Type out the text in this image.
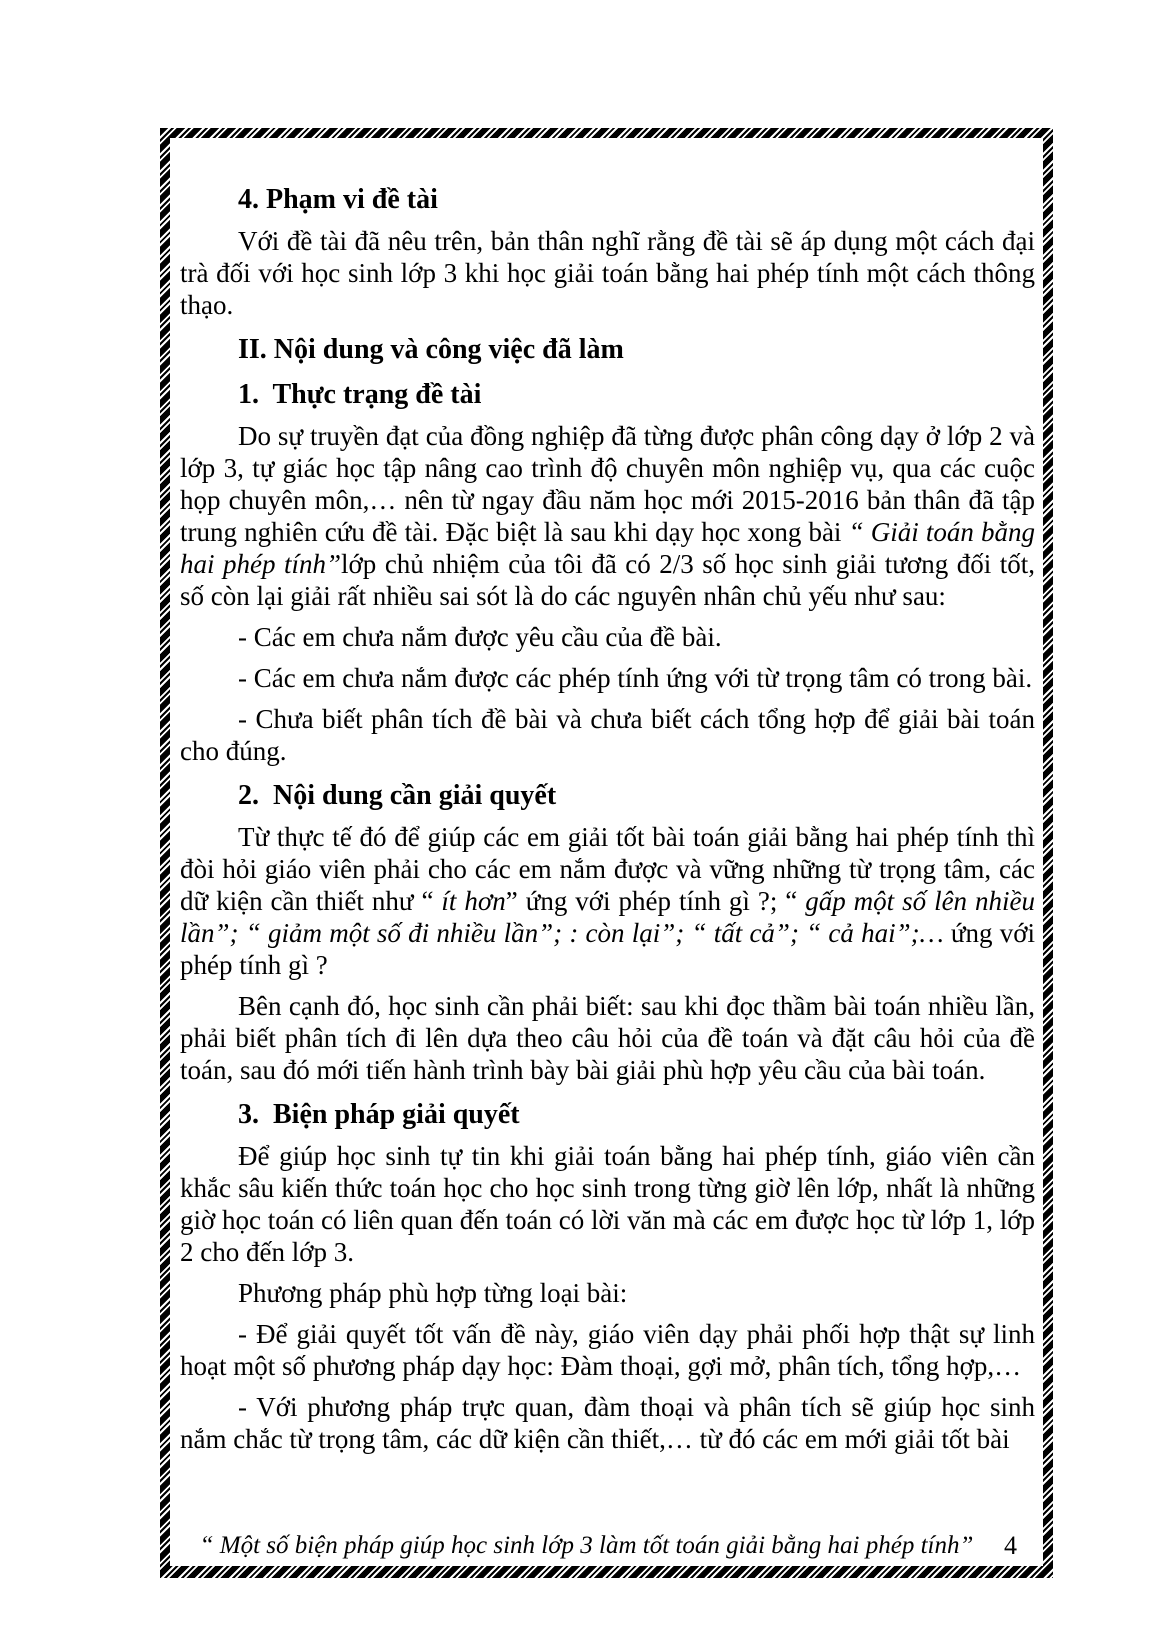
4. Phạm vi đề tài

Với đề tài đã nêu trên, bản thân nghĩ rằng đề tài sẽ áp dụng một cách đại trà đối với học sinh lớp 3 khi học giải toán bằng hai phép tính một cách thông thạo.

II. Nội dung và công việc đã làm

1.  Thực trạng đề tài

Do sự truyền đạt của đồng nghiệp đã từng được phân công dạy ở lớp 2 và lớp 3, tự giác học tập nâng cao trình độ chuyên môn nghiệp vụ, qua các cuộc họp chuyên môn,… nên từ ngay đầu năm học mới 2015-2016 bản thân đã tập trung nghiên cứu đề tài. Đặc biệt là sau khi dạy học xong bài “ Giải toán bằng hai phép tính”lớp chủ nhiệm của tôi đã có 2/3 số học sinh giải tương đối tốt, số còn lại giải rất nhiều sai sót là do các nguyên nhân chủ yếu như sau:

- Các em chưa nắm được yêu cầu của đề bài.

- Các em chưa nắm được các phép tính ứng với từ trọng tâm có trong bài.

- Chưa biết phân tích đề bài và chưa biết cách tổng hợp để giải bài toán cho đúng.

2.  Nội dung cần giải quyết

Từ thực tế đó để giúp các em giải tốt bài toán giải bằng hai phép tính thì đòi hỏi giáo viên phải cho các em nắm được và vững những từ trọng tâm, các dữ kiện cần thiết như “ ít hơn” ứng với phép tính gì ?; “ gấp một số lên nhiều lần”; “ giảm một số đi nhiều lần”; : còn lại”; “ tất cả”; “ cả hai”;… ứng với phép tính gì ?

Bên cạnh đó, học sinh cần phải biết: sau khi đọc thầm bài toán nhiều lần, phải biết phân tích đi lên dựa theo câu hỏi của đề toán và đặt câu hỏi của đề toán, sau đó mới tiến hành trình bày bài giải phù hợp yêu cầu của bài toán.

3.  Biện pháp giải quyết

Để giúp học sinh tự tin khi giải toán bằng hai phép tính, giáo viên cần khắc sâu kiến thức toán học cho học sinh trong từng giờ lên lớp, nhất là những giờ học toán có liên quan đến toán có lời văn mà các em được học từ lớp 1, lớp 2 cho đến lớp 3.

Phương pháp phù hợp từng loại bài:

- Để giải quyết tốt vấn đề này, giáo viên dạy phải phối hợp thật sự linh hoạt một số phương pháp dạy học: Đàm thoại, gợi mở, phân tích, tổng hợp,…

- Với phương pháp trực quan, đàm thoại và phân tích sẽ giúp học sinh nắm chắc từ trọng tâm, các dữ kiện cần thiết,… từ đó các em mới giải tốt bài

“ Một số biện pháp giúp học sinh lớp 3 làm tốt toán giải bằng hai phép tính”	4
